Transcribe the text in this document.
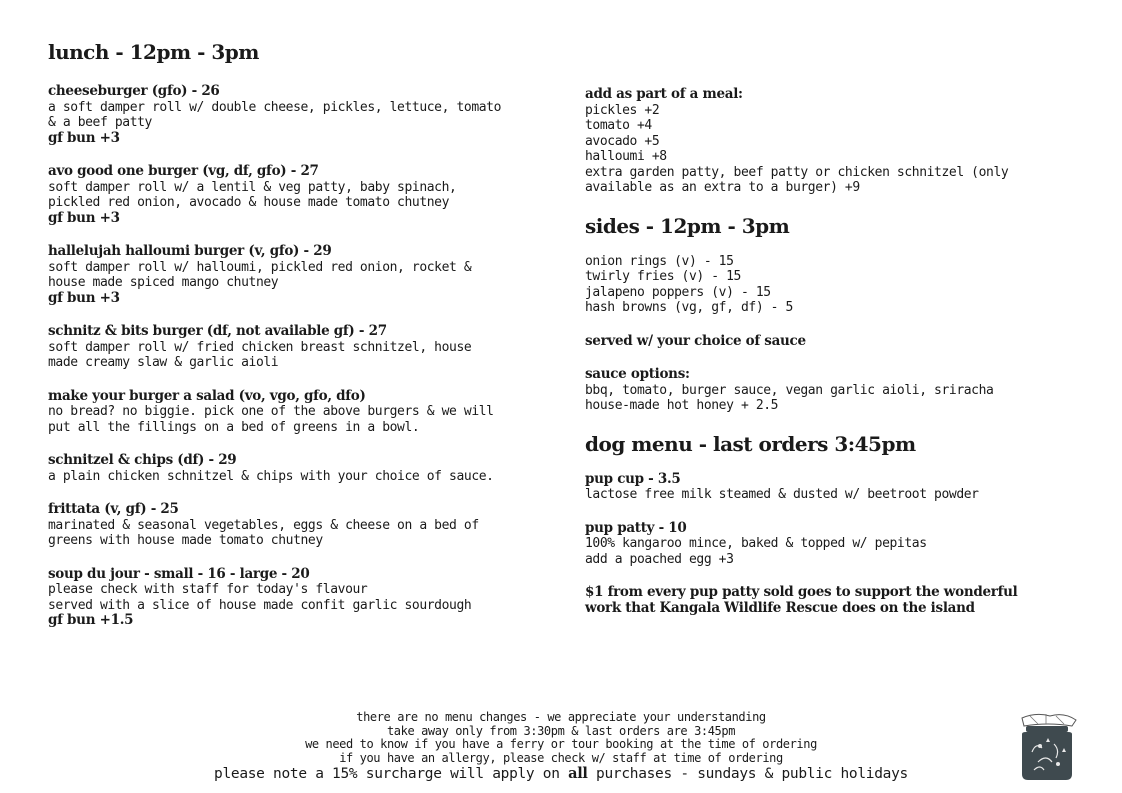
lunch - 12pm - 3pm
cheeseburger (gfo) - 26
a soft damper roll w/ double cheese, pickles, lettuce, tomato
& a beef patty
gf bun +3
avo good one burger (vg, df, gfo) - 27
soft damper roll w/ a lentil & veg patty, baby spinach,
pickled red onion, avocado & house made tomato chutney
gf bun +3
hallelujah halloumi burger (v, gfo) - 29
soft damper roll w/ halloumi, pickled red onion, rocket &
house made spiced mango chutney
gf bun +3
schnitz & bits burger (df, not available gf) - 27
soft damper roll w/ fried chicken breast schnitzel, house
made creamy slaw & garlic aioli
make your burger a salad (vo, vgo, gfo, dfo)
no bread? no biggie. pick one of the above burgers & we will
put all the fillings on a bed of greens in a bowl.
schnitzel & chips (df) - 29
a plain chicken schnitzel & chips with your choice of sauce.
frittata (v, gf) - 25
marinated & seasonal vegetables, eggs & cheese on a bed of
greens with house made tomato chutney
soup du jour - small - 16 - large - 20
please check with staff for today's flavour
served with a slice of house made confit garlic sourdough
gf bun +1.5
add as part of a meal:
pickles +2
tomato +4
avocado +5
halloumi +8
extra garden patty, beef patty or chicken schnitzel (only
available as an extra to a burger) +9
sides - 12pm - 3pm
onion rings (v) - 15
twirly fries (v) - 15
jalapeno poppers (v) - 15
hash browns (vg, gf, df) - 5
served w/ your choice of sauce
sauce options:
bbq, tomato, burger sauce, vegan garlic aioli, sriracha
house-made hot honey + 2.5
dog menu - last orders 3:45pm
pup cup - 3.5
lactose free milk steamed & dusted w/ beetroot powder
pup patty - 10
100% kangaroo mince, baked & topped w/ pepitas
add a poached egg +3
$1 from every pup patty sold goes to support the wonderful
work that Kangala Wildlife Rescue does on the island
there are no menu changes - we appreciate your understanding
take away only from 3:30pm & last orders are 3:45pm
we need to know if you have a ferry or tour booking at the time of ordering
if you have an allergy, please check w/ staff at time of ordering
please note a 15% surcharge will apply on all purchases - sundays & public holidays
